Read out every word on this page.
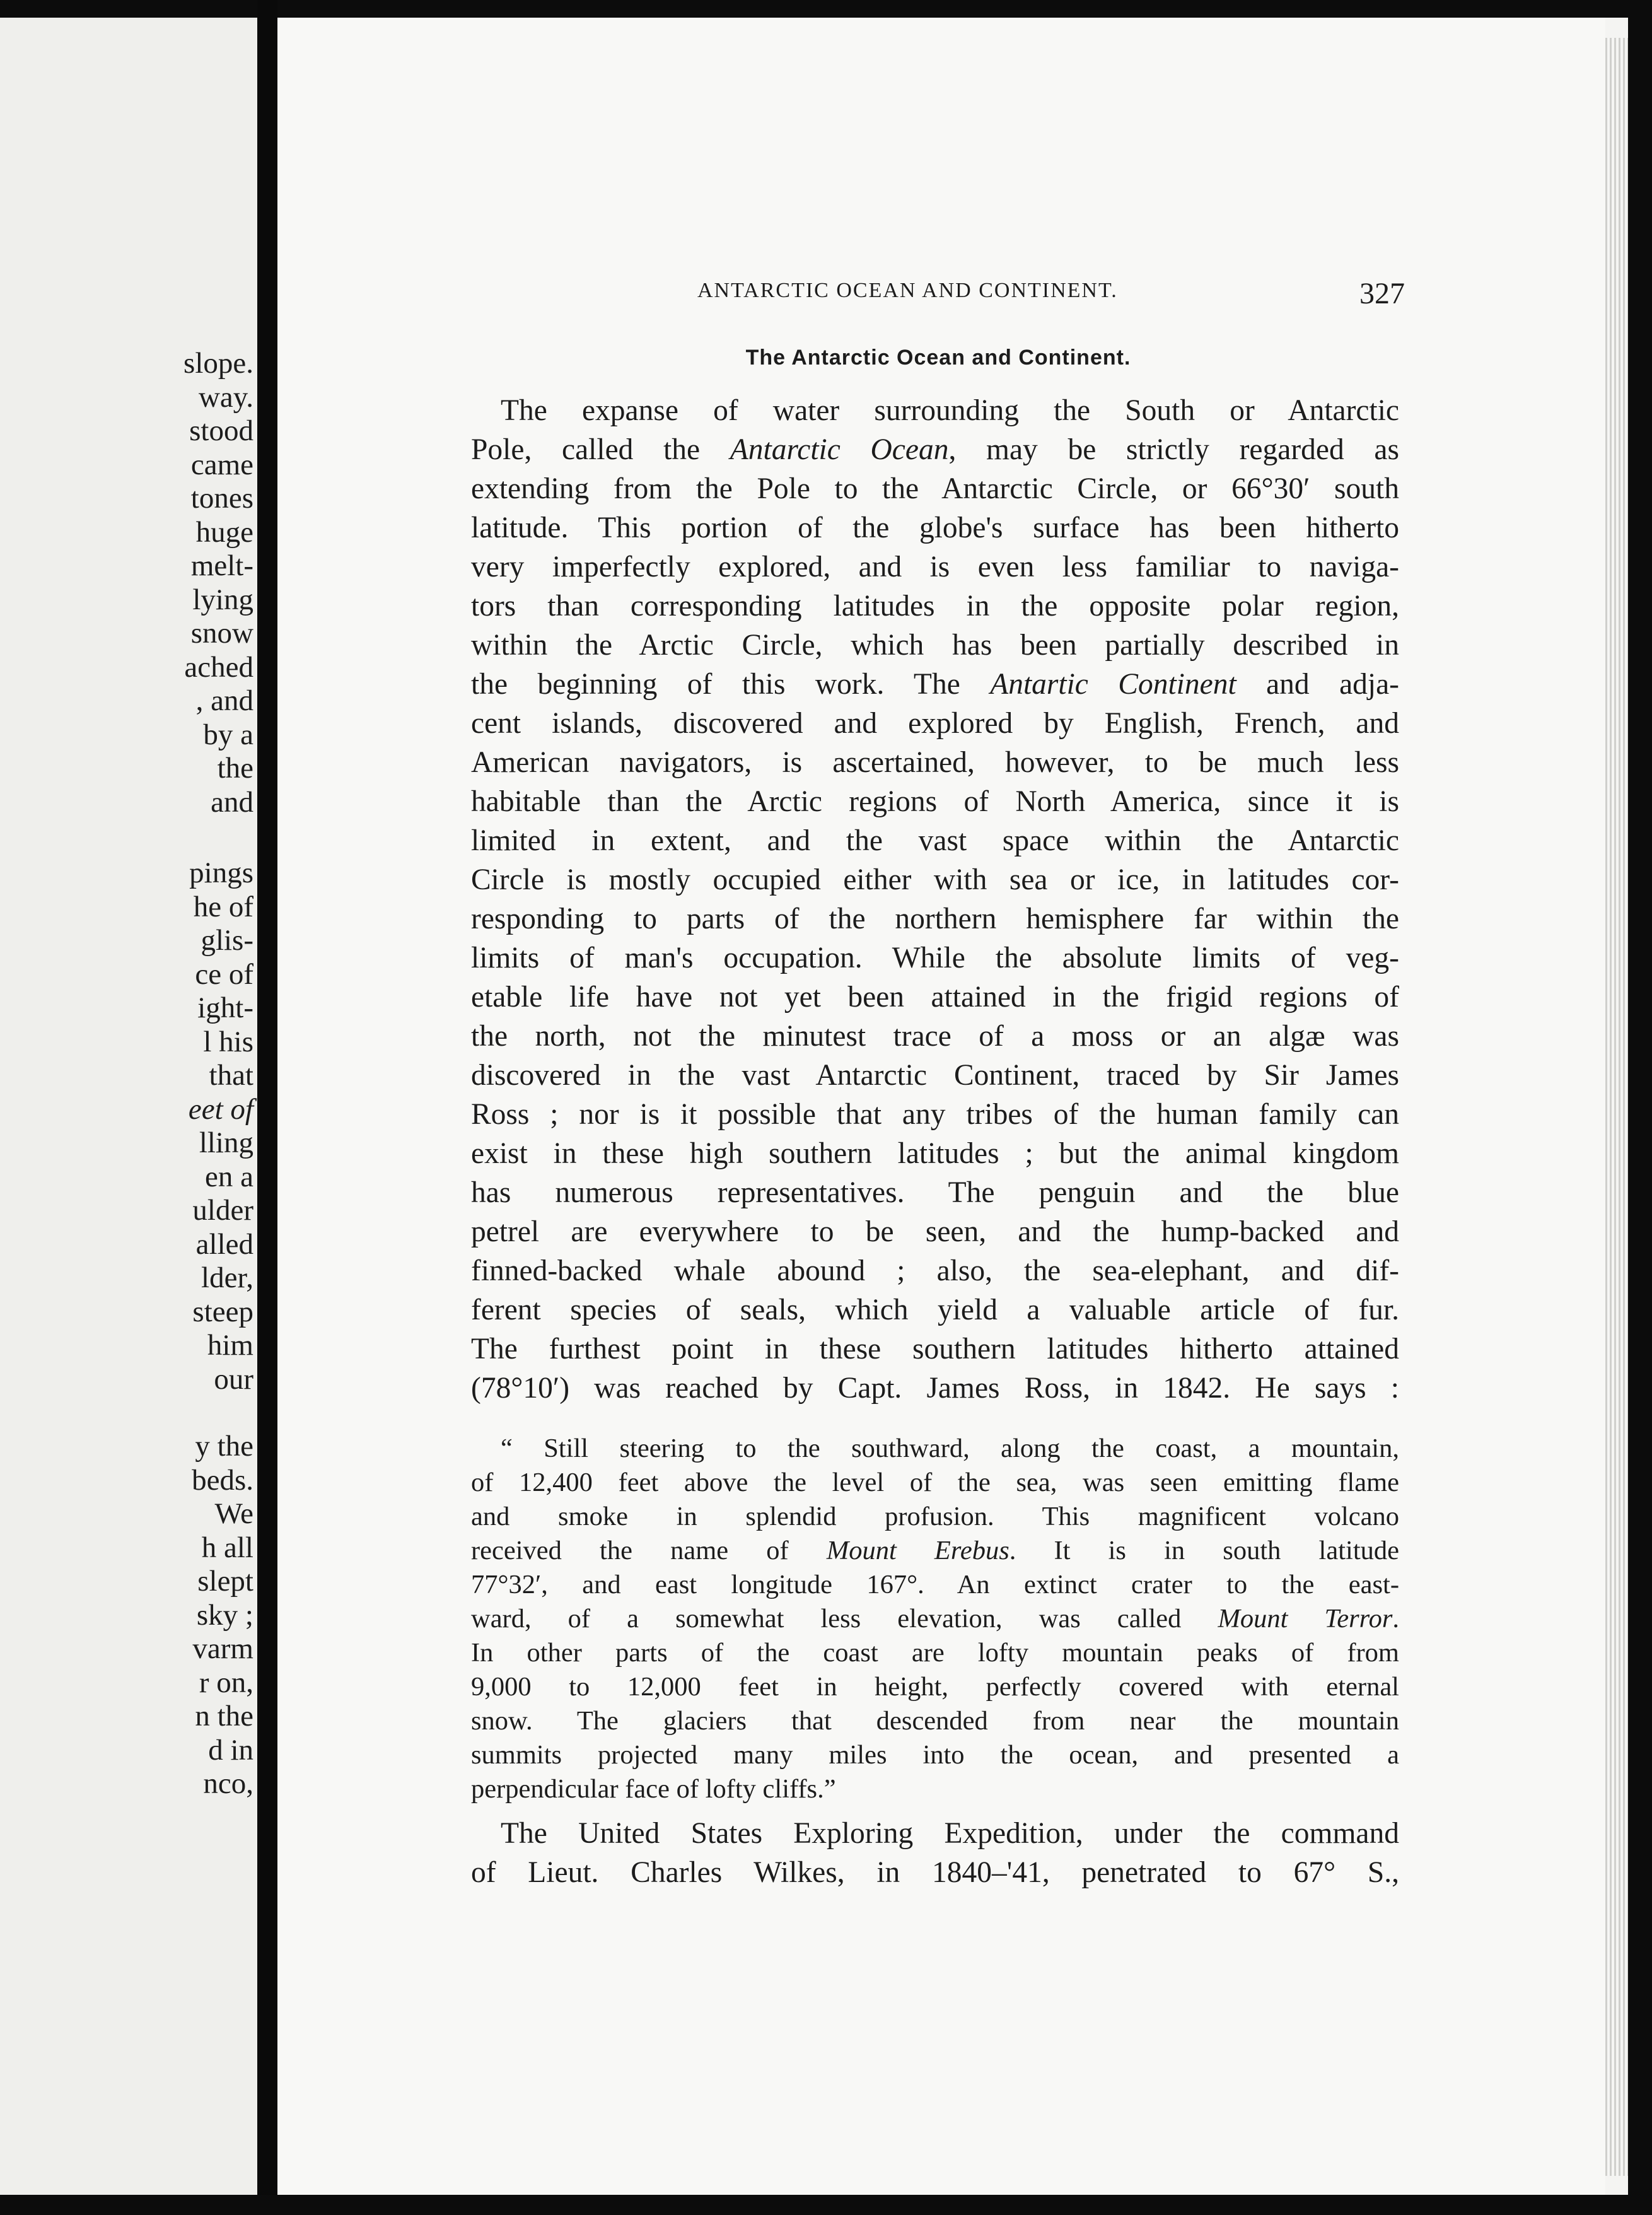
slope.
way.
stood
came
tones
huge
melt-
lying
snow
ached
, and
by a
the
and
pings
he of
glis-
ce of
ight-
l his
that
eet of
lling
en a
ulder
alled
lder,
steep
him
our
y the
beds.
We
h all
slept
sky ;
varm
r on,
n the
d in
nco,
ANTARCTIC OCEAN AND CONTINENT.	327
The Antarctic Ocean and Continent.
The expanse of water surrounding the South or Antarctic
Pole, called the Antarctic Ocean, may be strictly regarded as
extending from the Pole to the Antarctic Circle, or 66°30′ south
latitude. This portion of the globe's surface has been hitherto
very imperfectly explored, and is even less familiar to naviga-
tors than corresponding latitudes in the opposite polar region,
within the Arctic Circle, which has been partially described in
the beginning of this work. The Antartic Continent and adja-
cent islands, discovered and explored by English, French, and
American navigators, is ascertained, however, to be much less
habitable than the Arctic regions of North America, since it is
limited in extent, and the vast space within the Antarctic
Circle is mostly occupied either with sea or ice, in latitudes cor-
responding to parts of the northern hemisphere far within the
limits of man's occupation. While the absolute limits of veg-
etable life have not yet been attained in the frigid regions of
the north, not the minutest trace of a moss or an algæ was
discovered in the vast Antarctic Continent, traced by Sir James
Ross ; nor is it possible that any tribes of the human family can
exist in these high southern latitudes ; but the animal kingdom
has numerous representatives. The penguin and the blue
petrel are everywhere to be seen, and the hump-backed and
finned-backed whale abound ; also, the sea-elephant, and dif-
ferent species of seals, which yield a valuable article of fur.
The furthest point in these southern latitudes hitherto attained
(78°10′) was reached by Capt. James Ross, in 1842. He says :
“ Still steering to the southward, along the coast, a mountain,
of 12,400 feet above the level of the sea, was seen emitting flame
and smoke in splendid profusion. This magnificent volcano
received the name of Mount Erebus. It is in south latitude
77°32′, and east longitude 167°. An extinct crater to the east-
ward, of a somewhat less elevation, was called Mount Terror.
In other parts of the coast are lofty mountain peaks of from
9,000 to 12,000 feet in height, perfectly covered with eternal
snow. The glaciers that descended from near the mountain
summits projected many miles into the ocean, and presented a
perpendicular face of lofty cliffs.”
The United States Exploring Expedition, under the command
of Lieut. Charles Wilkes, in 1840–'41, penetrated to 67° S.,
